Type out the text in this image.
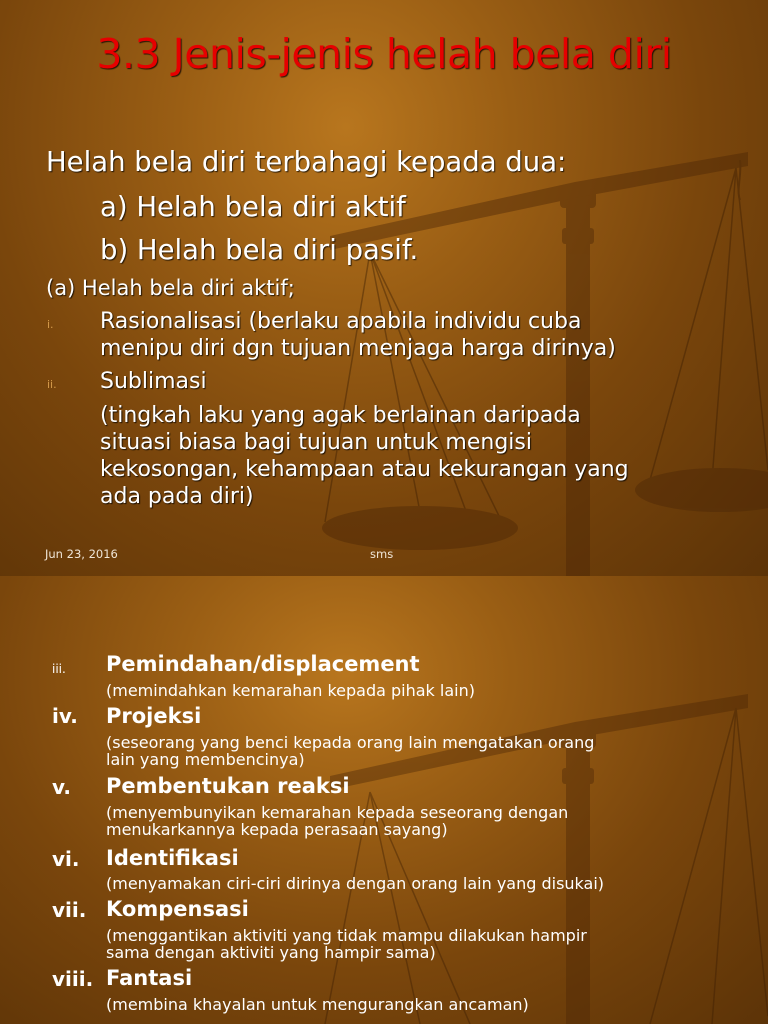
3.3 Jenis-jenis helah bela diri

Helah bela diri terbahagi kepada dua:

a) Helah bela diri aktif

b) Helah bela diri pasif.

(a) Helah bela diri aktif;

i. Rasionalisasi (berlaku apabila individu cuba

menipu diri dgn tujuan menjaga harga dirinya)

ii. Sublimasi

(tingkah laku yang agak berlainan daripada

situasi biasa bagi tujuan untuk mengisi

kekosongan, kehampaan atau kekurangan yang

ada pada diri)

Jun 23, 2016	sms
iii. Pemindahan/displacement

(memindahkan kemarahan kepada pihak lain)

iv. Projeksi

(seseorang yang benci kepada orang lain mengatakan orang

lain yang membencinya)

v. Pembentukan reaksi

(menyembunyikan kemarahan kepada seseorang dengan

menukarkannya kepada perasaan sayang)

vi. Identifikasi

(menyamakan ciri-ciri dirinya dengan orang lain yang disukai)

vii. Kompensasi

(menggantikan aktiviti yang tidak mampu dilakukan hampir

sama dengan aktiviti yang hampir sama)

viii. Fantasi

(membina khayalan untuk mengurangkan ancaman)
